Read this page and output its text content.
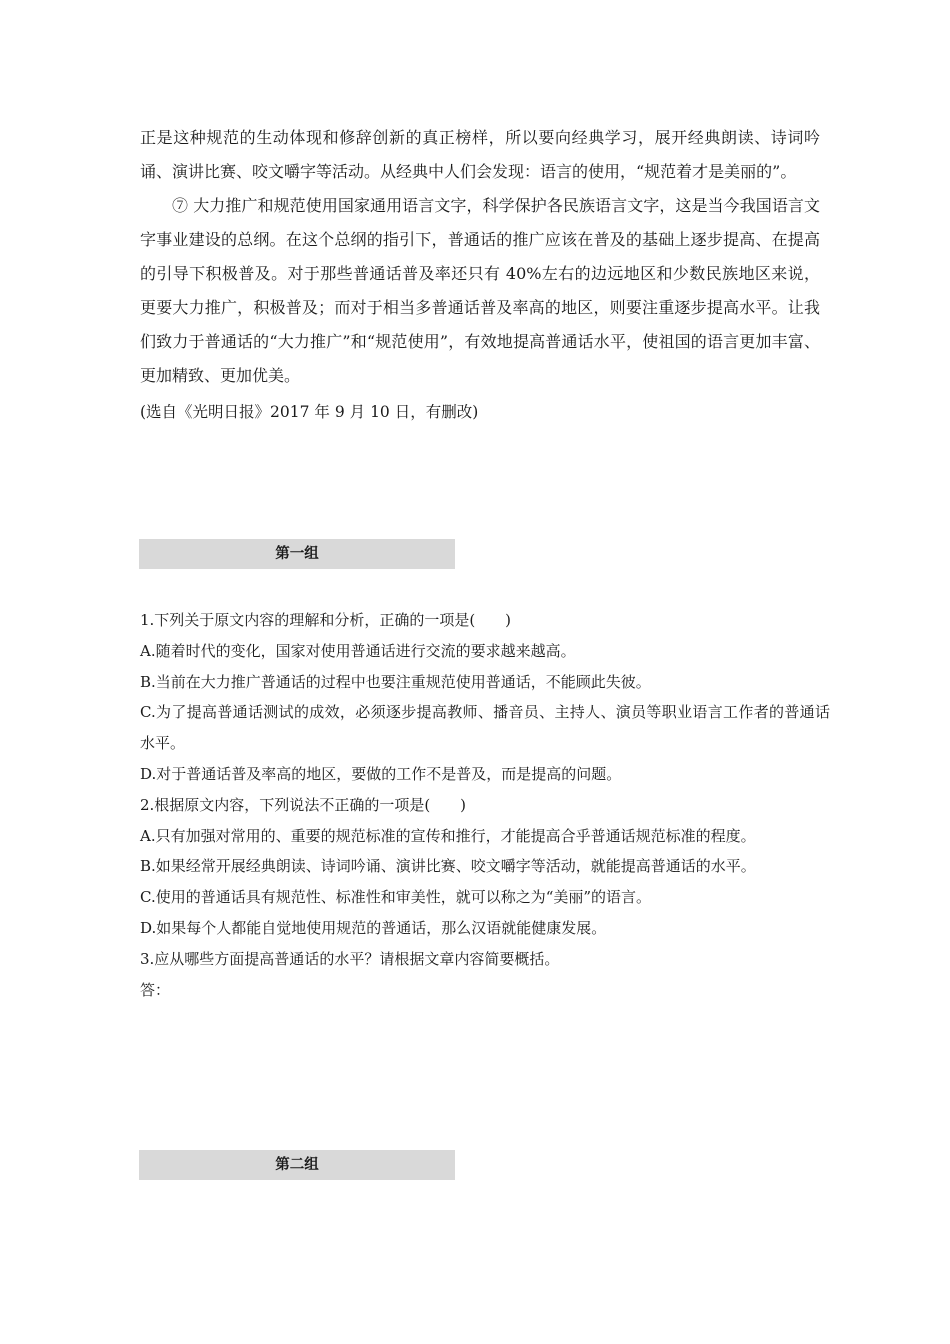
正是这种规范的生动体现和修辞创新的真正榜样，所以要向经典学习，展开经典朗读、诗词吟诵、演讲比赛、咬文嚼字等活动。从经典中人们会发现：语言的使用，“规范着才是美丽的”。

⑦ 大力推广和规范使用国家通用语言文字，科学保护各民族语言文字，这是当今我国语言文字事业建设的总纲。在这个总纲的指引下，普通话的推广应该在普及的基础上逐步提高、在提高的引导下积极普及。对于那些普通话普及率还只有 40%左右的边远地区和少数民族地区来说，更要大力推广，积极普及；而对于相当多普通话普及率高的地区，则要注重逐步提高水平。让我们致力于普通话的“大力推广”和“规范使用”，有效地提高普通话水平，使祖国的语言更加丰富、更加精致、更加优美。

(选自《光明日报》2017 年 9 月 10 日，有删改)

第一组

1.下列关于原文内容的理解和分析，正确的一项是(　　)

A.随着时代的变化，国家对使用普通话进行交流的要求越来越高。

B.当前在大力推广普通话的过程中也要注重规范使用普通话，不能顾此失彼。

C.为了提高普通话测试的成效，必须逐步提高教师、播音员、主持人、演员等职业语言工作者的普通话水平。

D.对于普通话普及率高的地区，要做的工作不是普及，而是提高的问题。

2.根据原文内容，下列说法不正确的一项是(　　)

A.只有加强对常用的、重要的规范标准的宣传和推行，才能提高合乎普通话规范标准的程度。

B.如果经常开展经典朗读、诗词吟诵、演讲比赛、咬文嚼字等活动，就能提高普通话的水平。

C.使用的普通话具有规范性、标准性和审美性，就可以称之为“美丽”的语言。

D.如果每个人都能自觉地使用规范的普通话，那么汉语就能健康发展。

3.应从哪些方面提高普通话的水平？请根据文章内容简要概括。

答：

第二组
